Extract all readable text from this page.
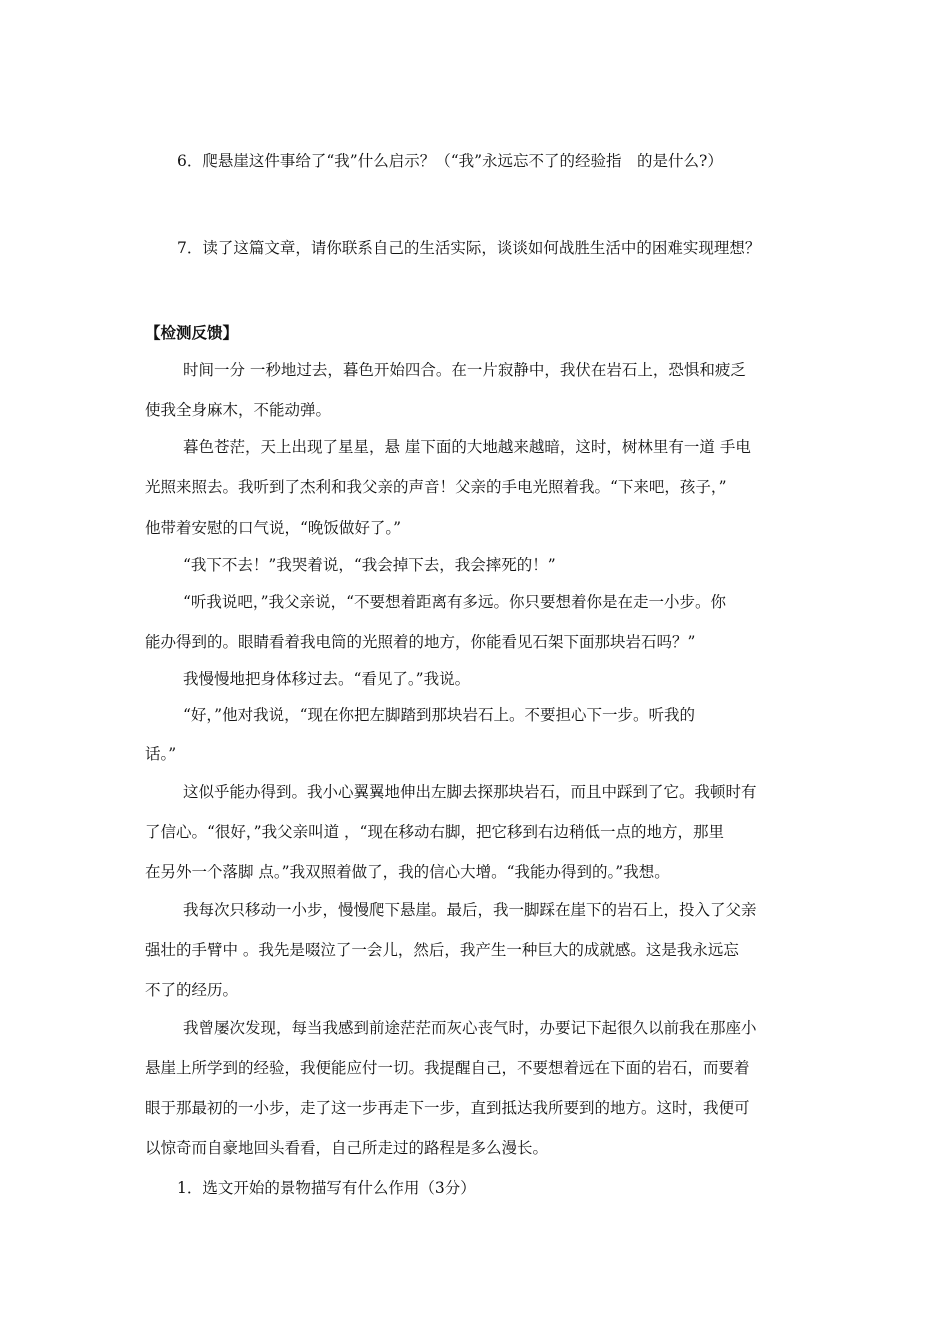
6．爬悬崖这件事给了“我”什么启示？（“我”永远忘不了的经验指　的是什么?）
7．读了这篇文章，请你联系自己的生活实际，谈谈如何战胜生活中的困难实现理想？
【检测反馈】
时间一分 一秒地过去，暮色开始四合。在一片寂静中，我伏在岩石上，恐惧和疲乏
使我全身麻木，不能动弹。
暮色苍茫，天上出现了星星，悬 崖下面的大地越来越暗，这时，树林里有一道 手电
光照来照去。我听到了杰利和我父亲的声音！父亲的手电光照着我。“下来吧，孩子，”
他带着安慰的口气说，“晚饭做好了。”
“我下不去！”我哭着说，“我会掉下去，我会摔死的！”
“听我说吧，”我父亲说，“不要想着距离有多远。你只要想着你是在走一小步。你
能办得到的。眼睛看着我电筒的光照着的地方，你能看见石架下面那块岩石吗？”
我慢慢地把身体移过去。“看见了。”我说。
“好，”他对我说，“现在你把左脚踏到那块岩石上。不要担心下一步。听我的
话。”
这似乎能办得到。我小心翼翼地伸出左脚去探那块岩石，而且中踩到了它。我顿时有
了信心。“很好，”我父亲叫道 ，“现在移动右脚，把它移到右边稍低一点的地方，那里
在另外一个落脚 点。”我双照着做了，我的信心大增。“我能办得到的。”我想。
我每次只移动一小步，慢慢爬下悬崖。最后，我一脚踩在崖下的岩石上，投入了父亲
强壮的手臂中 。我先是啜泣了一会儿，然后，我产生一种巨大的成就感。这是我永远忘
不了的经历。
我曾屡次发现，每当我感到前途茫茫而灰心丧气时，办要记下起很久以前我在那座小
悬崖上所学到的经验，我便能应付一切。我提醒自己，不要想着远在下面的岩石，而要着
眼于那最初的一小步，走了这一步再走下一步，直到抵达我所要到的地方。这时，我便可
以惊奇而自豪地回头看看，自己所走过的路程是多么漫长。
1．选文开始的景物描写有什么作用（3分）
